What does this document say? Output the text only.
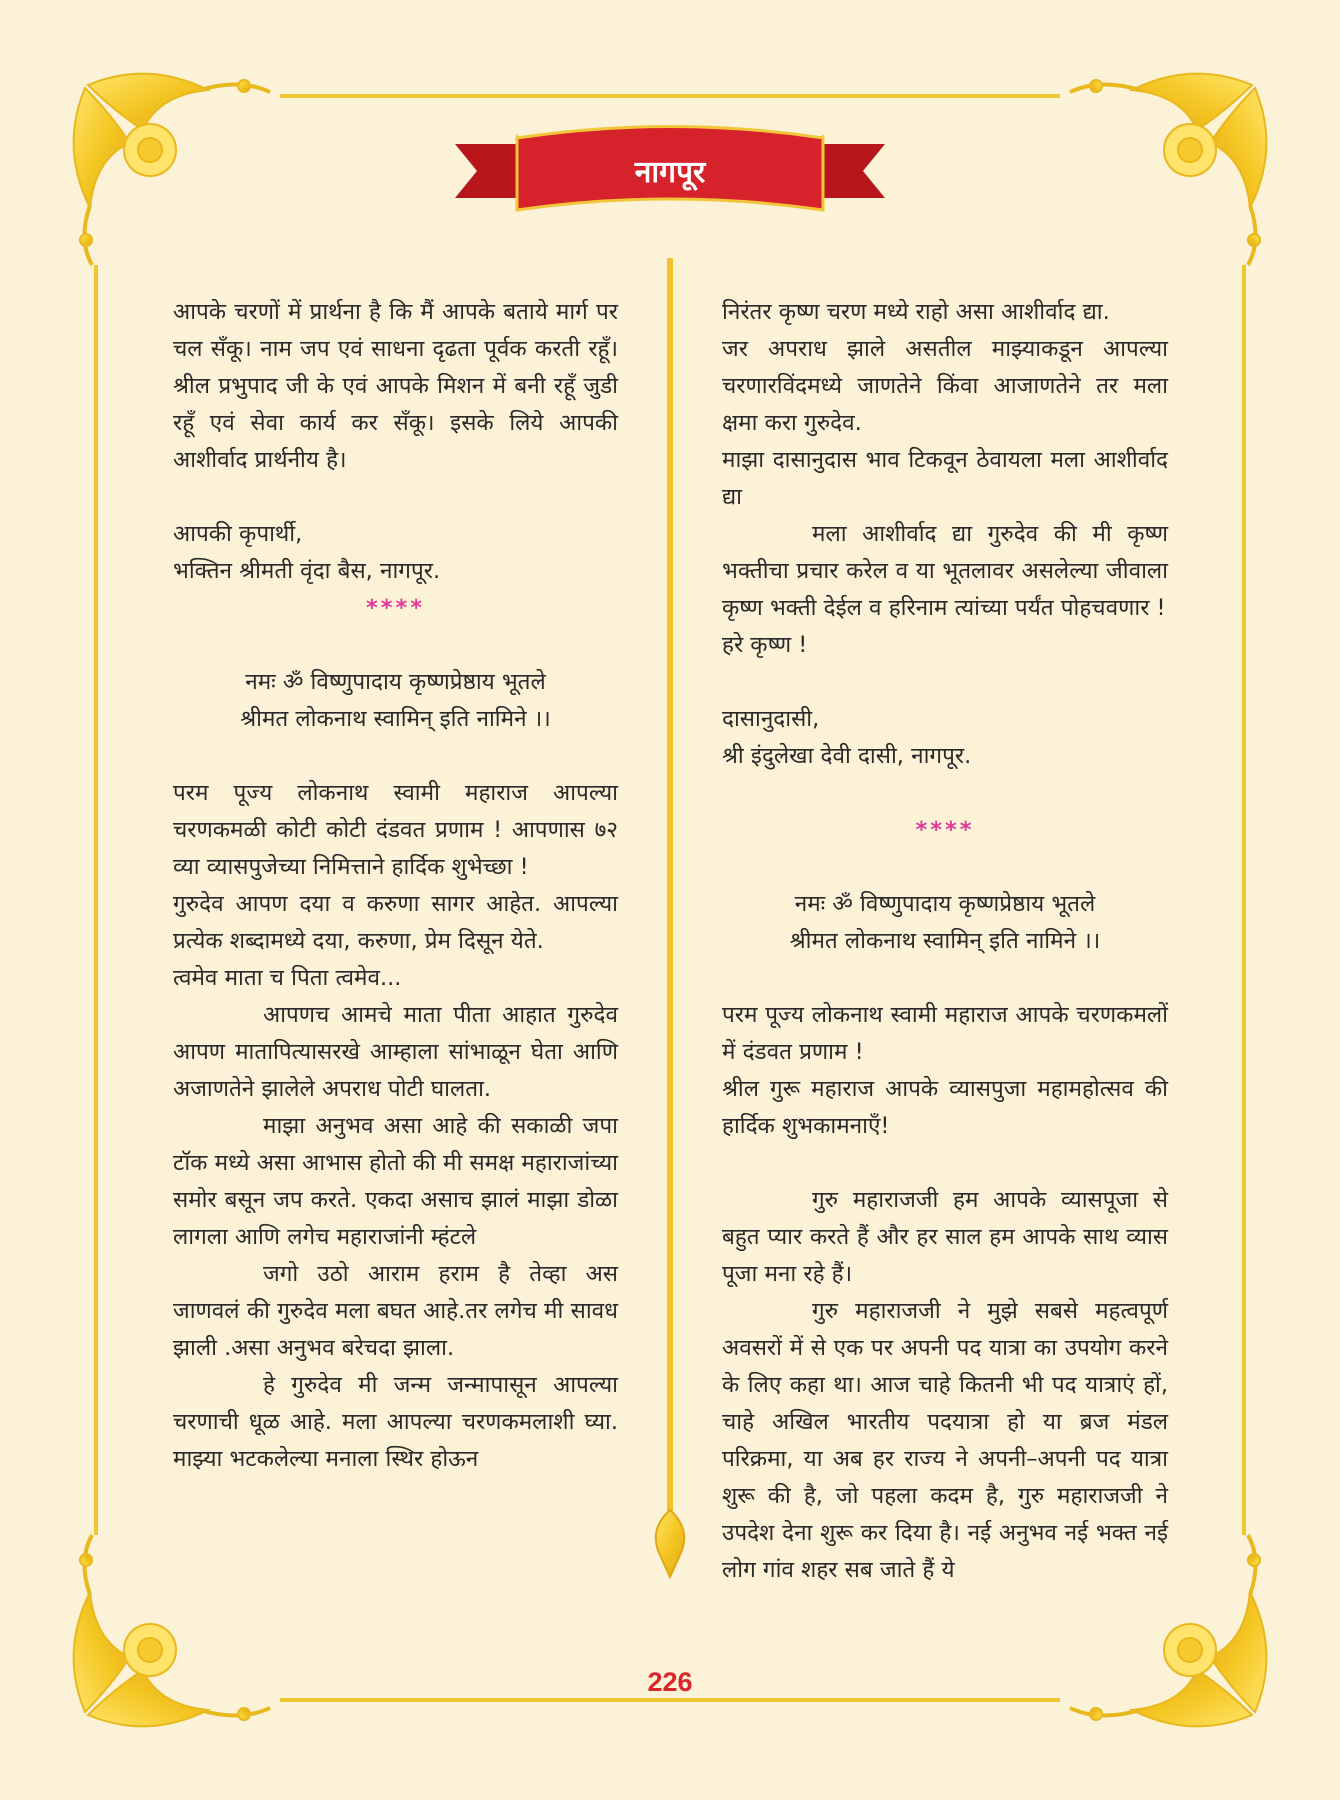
नागपूर

आपके चरणों में प्रार्थना है कि मैं आपके बताये मार्ग पर चल सँकू। नाम जप एवं साधना दृढता पूर्वक करती रहूँ। श्रील प्रभुपाद जी के एवं आपके मिशन में बनी रहूँ जुडी रहूँ एवं सेवा कार्य कर सँकू। इसके लिये आपकी आशीर्वाद प्रार्थनीय है।

आपकी कृपार्थी,

भक्तिन श्रीमती वृंदा बैस, नागपूर.

****

नमः ॐ विष्णुपादाय कृष्णप्रेष्ठाय भूतले

श्रीमत लोकनाथ स्वामिन् इति नामिने ।।

परम पूज्य लोकनाथ स्वामी महाराज आपल्या चरणकमळी कोटी कोटी दंडवत प्रणाम ! आपणास ७२ व्या व्यासपुजेच्या निमित्ताने हार्दिक शुभेच्छा !

गुरुदेव आपण दया व करुणा सागर आहेत. आपल्या प्रत्येक शब्दामध्ये दया, करुणा, प्रेम दिसून येते.

त्वमेव माता च पिता त्वमेव...

आपणच आमचे माता पीता आहात गुरुदेव आपण मातापित्यासरखे आम्हाला सांभाळून घेता आणि अजाणतेने झालेले अपराध पोटी घालता.

माझा अनुभव असा आहे की सकाळी जपा टॉक मध्ये असा आभास होतो की मी समक्ष महाराजांच्या समोर बसून जप करते. एकदा असाच झालं माझा डोळा लागला आणि लगेच महाराजांनी म्हंटले

जगो उठो आराम हराम है तेव्हा अस जाणवलं की गुरुदेव मला बघत आहे.तर लगेच मी सावध झाली .असा अनुभव बरेचदा झाला.

हे गुरुदेव मी जन्म जन्मापासून आपल्या चरणाची धूळ आहे. मला आपल्या चरणकमलाशी घ्या. माझ्या भटकलेल्या मनाला स्थिर होऊन

निरंतर कृष्ण चरण मध्ये राहो असा आशीर्वाद द्या.

जर अपराध झाले असतील माझ्याकडून आपल्या चरणारविंदमध्ये जाणतेने किंवा आजाणतेने तर मला क्षमा करा गुरुदेव.

माझा दासानुदास भाव टिकवून ठेवायला मला आशीर्वाद द्या

मला आशीर्वाद द्या गुरुदेव की मी कृष्ण भक्तीचा प्रचार करेल व या भूतलावर असलेल्या जीवाला कृष्ण भक्ती देईल व हरिनाम त्यांच्या पर्यंत पोहचवणार !

हरे कृष्ण !

दासानुदासी,

श्री इंदुलेखा देवी दासी, नागपूर.

****

नमः ॐ विष्णुपादाय कृष्णप्रेष्ठाय भूतले

श्रीमत लोकनाथ स्वामिन् इति नामिने ।।

परम पूज्य लोकनाथ स्वामी महाराज आपके चरणकमलों में दंडवत प्रणाम !

श्रील गुरू महाराज आपके व्यासपुजा महामहोत्सव की हार्दिक शुभकामनाएँ!

गुरु महाराजजी हम आपके व्यासपूजा से बहुत प्यार करते हैं और हर साल हम आपके साथ व्यास पूजा मना रहे हैं।

गुरु महाराजजी ने मुझे सबसे महत्वपूर्ण अवसरों में से एक पर अपनी पद यात्रा का उपयोग करने के लिए कहा था। आज चाहे कितनी भी पद यात्राएं हों, चाहे अखिल भारतीय पदयात्रा हो या ब्रज मंडल परिक्रमा, या अब हर राज्य ने अपनी–अपनी पद यात्रा शुरू की है, जो पहला कदम है, गुरु महाराजजी ने उपदेश देना शुरू कर दिया है। नई अनुभव नई भक्त नई लोग गांव शहर सब जाते हैं ये

226
